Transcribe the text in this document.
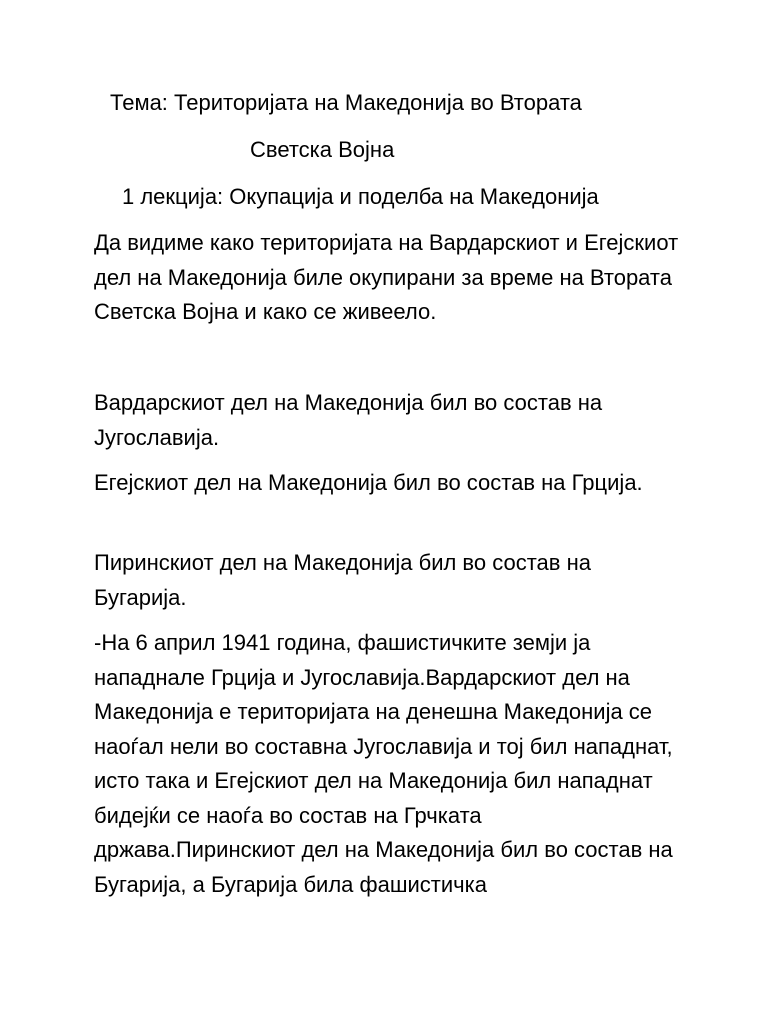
Тема: Територијата на Македонија во Втората

Светска Војна

1 лекција: Окупација и поделба на Македонија

Да видиме како територијата на Вардарскиот и Егејскиот дел на Македонија биле окупирани за време на Втората Светска Војна и како се живеело.

Вардарскиот дел на Македонија бил во состав на Југославија.

Егејскиот дел на Македонија бил во состав на Грција.

Пиринскиот дел на Македонија бил во состав на Бугарија.

-На 6 април 1941 година, фашистичките земји ја нападнале Грција и Југославија.Вардарскиот дел на Македонија е територијата на денешна Македонија се наоѓал нели во составна Југославија и тој бил нападнат, исто така и Егејскиот дел на Македонија бил нападнат бидејќи се наоѓа во состав на Грчката држава.Пиринскиот дел на Македонија бил во состав на Бугарија, а Бугарија била фашистичка
